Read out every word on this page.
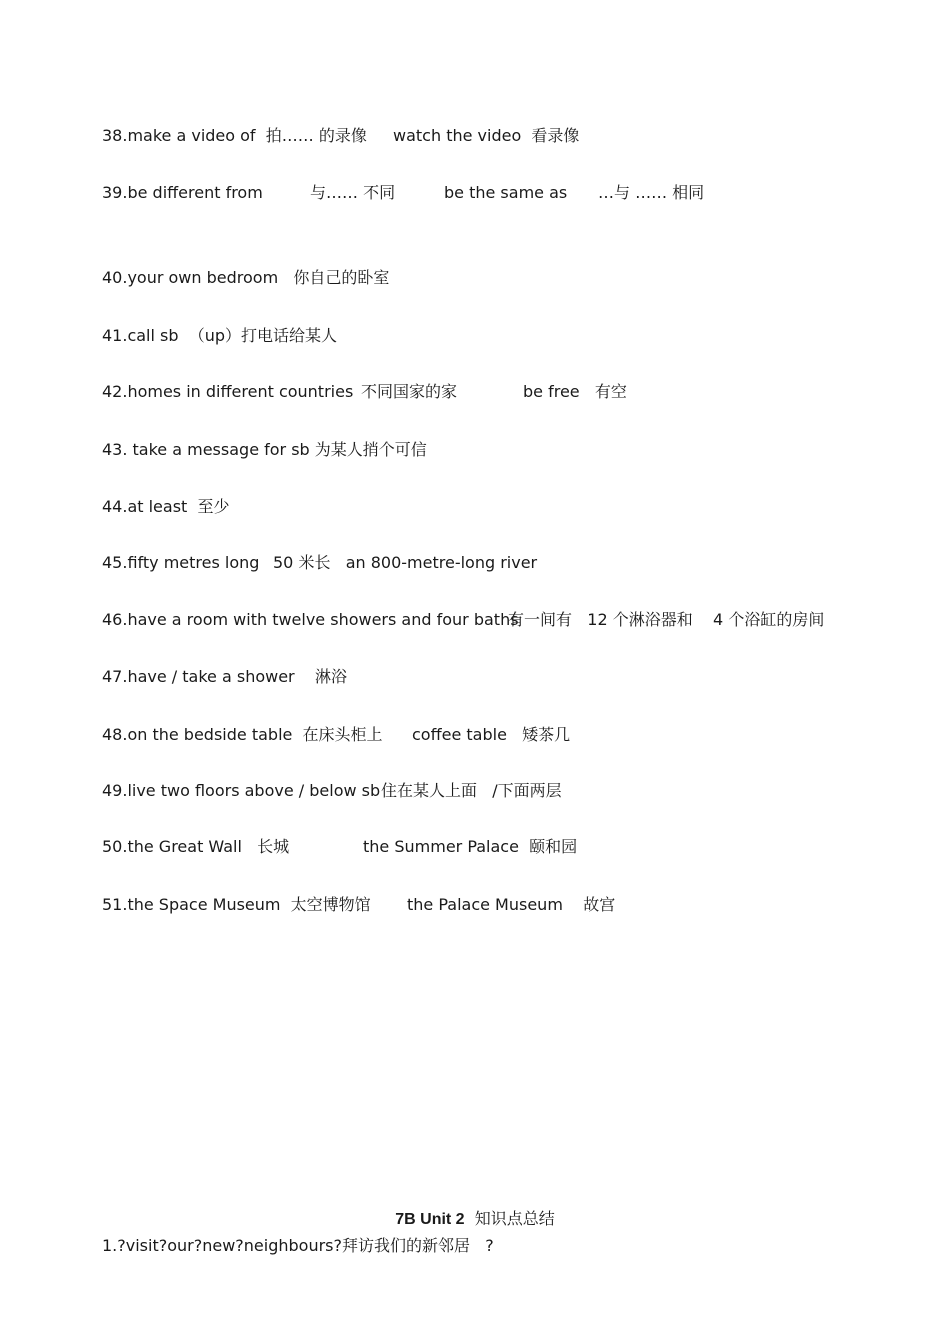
38.make a video of  拍…… 的录像

watch the video  看录像

39.be different from

	与…… 不同

	be the same as

…与 …… 相同

40.your own bedroom   你自己的卧室

41.call sb  （up）打电话给某人

42.homes in different countries

不同国家的家

	be free   有空

43. take a message for sb 为某人捎个可信

44.at least  至少

45.fifty metres long

50 米长   an 800-metre-long river

46.have a room with twelve showers and four baths

有一间有   12 个淋浴器和    4 个浴缸的房间

47.have / take a shower    淋浴

48.on the bedside table  在床头柜上

coffee table   矮茶几

49.live two floors above / below sb

住在某人上面   /下面两层

50.the Great Wall   长城

	the Summer Palace  颐和园

51.the Space Museum  太空博物馆

the Palace Museum    故宫

7B Unit 2  知识点总结

1.?visit?our?new?neighbours?拜访我们的新邻居   ?
